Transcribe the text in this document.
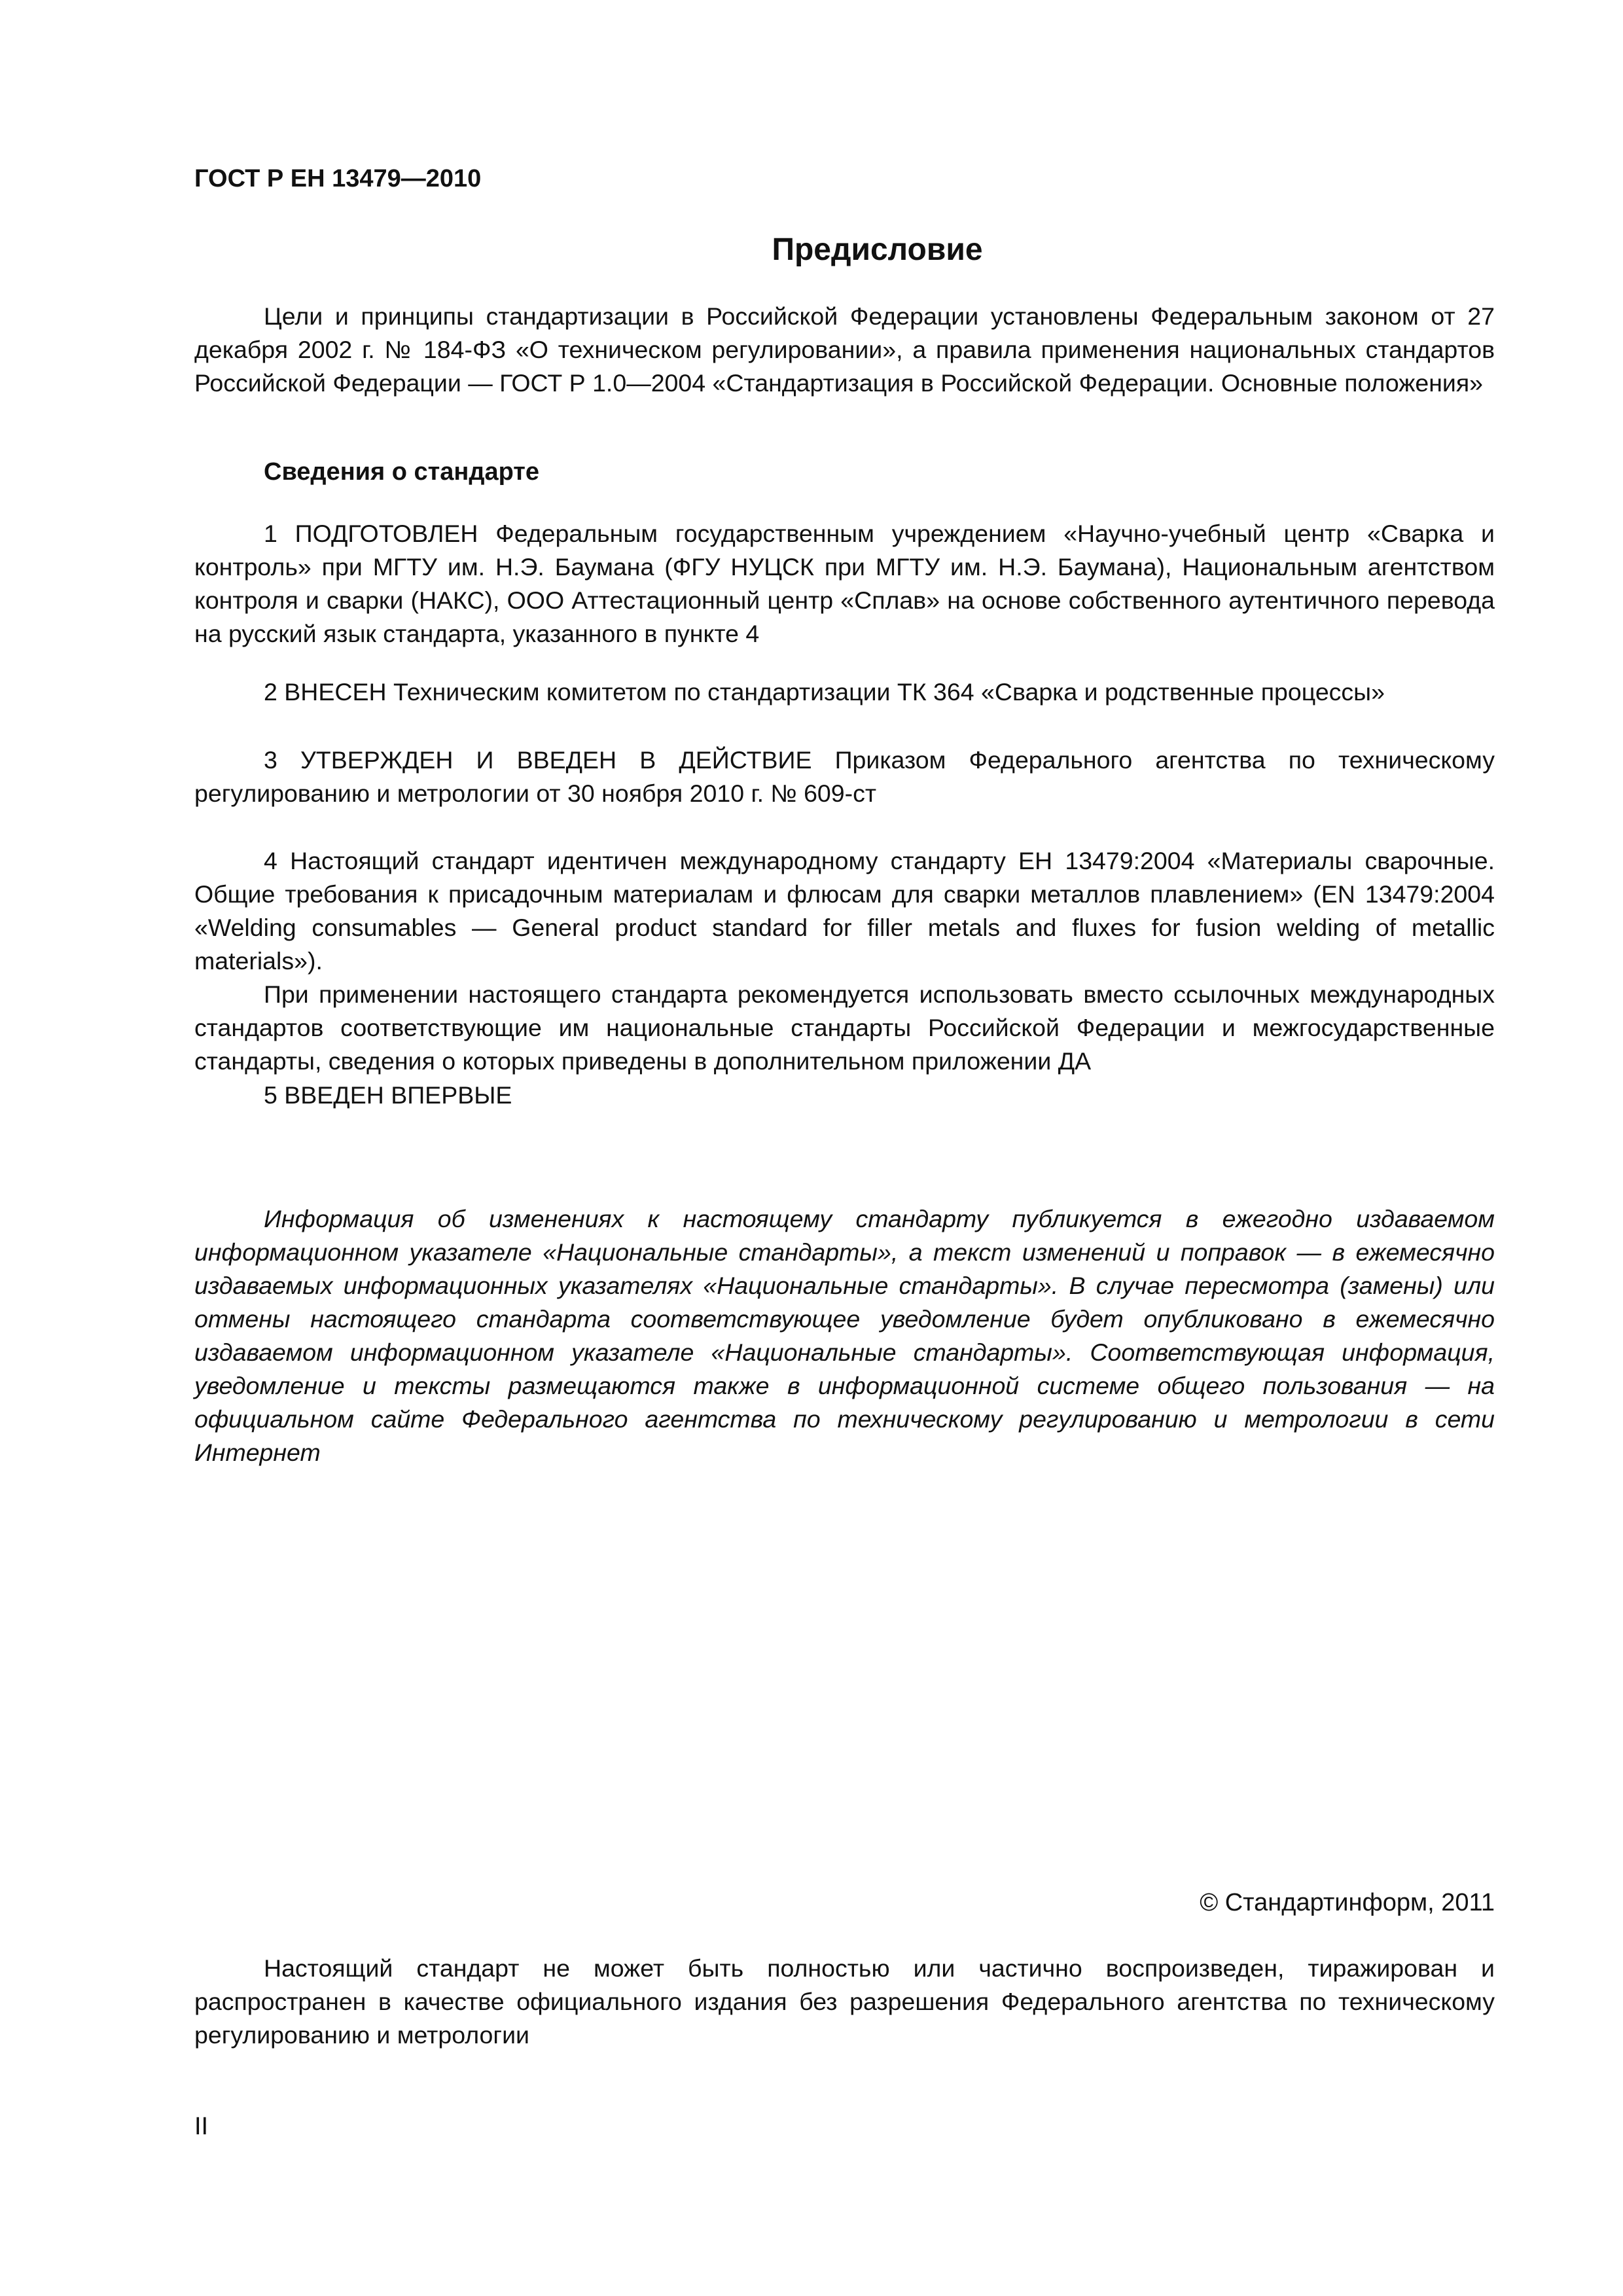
ГОСТ Р ЕН 13479—2010
Предисловие

Цели и принципы стандартизации в Российской Федерации установлены Федеральным законом от 27 декабря 2002 г. № 184-ФЗ «О техническом регулировании», а правила применения национальных стандартов Российской Федерации — ГОСТ Р 1.0—2004 «Стандартизация в Российской Федерации. Основные положения»

Сведения о стандарте

1 ПОДГОТОВЛЕН Федеральным государственным учреждением «Научно-учебный центр «Сварка и контроль» при МГТУ им. Н.Э. Баумана (ФГУ НУЦСК при МГТУ им. Н.Э. Баумана), Национальным агентством контроля и сварки (НАКС), ООО Аттестационный центр «Сплав» на основе собственного аутентичного перевода на русский язык стандарта, указанного в пункте 4

2 ВНЕСЕН Техническим комитетом по стандартизации ТК 364 «Сварка и родственные процессы»

3 УТВЕРЖДЕН И ВВЕДЕН В ДЕЙСТВИЕ Приказом Федерального агентства по техническому регулированию и метрологии от 30 ноября 2010 г. № 609-ст

4 Настоящий стандарт идентичен международному стандарту ЕН 13479:2004 «Материалы сварочные. Общие требования к присадочным материалам и флюсам для сварки металлов плавлением» (EN 13479:2004 «Welding consumables — General product standard for filler metals and fluxes for fusion welding of metallic materials»).

При применении настоящего стандарта рекомендуется использовать вместо ссылочных международных стандартов соответствующие им национальные стандарты Российской Федерации и межгосударственные стандарты, сведения о которых приведены в дополнительном приложении ДА

5 ВВЕДЕН ВПЕРВЫЕ

Информация об изменениях к настоящему стандарту публикуется в ежегодно издаваемом информационном указателе «Национальные стандарты», а текст изменений и поправок — в ежемесячно издаваемых информационных указателях «Национальные стандарты». В случае пересмотра (замены) или отмены настоящего стандарта соответствующее уведомление будет опубликовано в ежемесячно издаваемом информационном указателе «Национальные стандарты». Соответствующая информация, уведомление и тексты размещаются также в информационной системе общего пользования — на официальном сайте Федерального агентства по техническому регулированию и метрологии в сети Интернет

© Стандартинформ, 2011

Настоящий стандарт не может быть полностью или частично воспроизведен, тиражирован и распространен в качестве официального издания без разрешения Федерального агентства по техническому регулированию и метрологии

II
